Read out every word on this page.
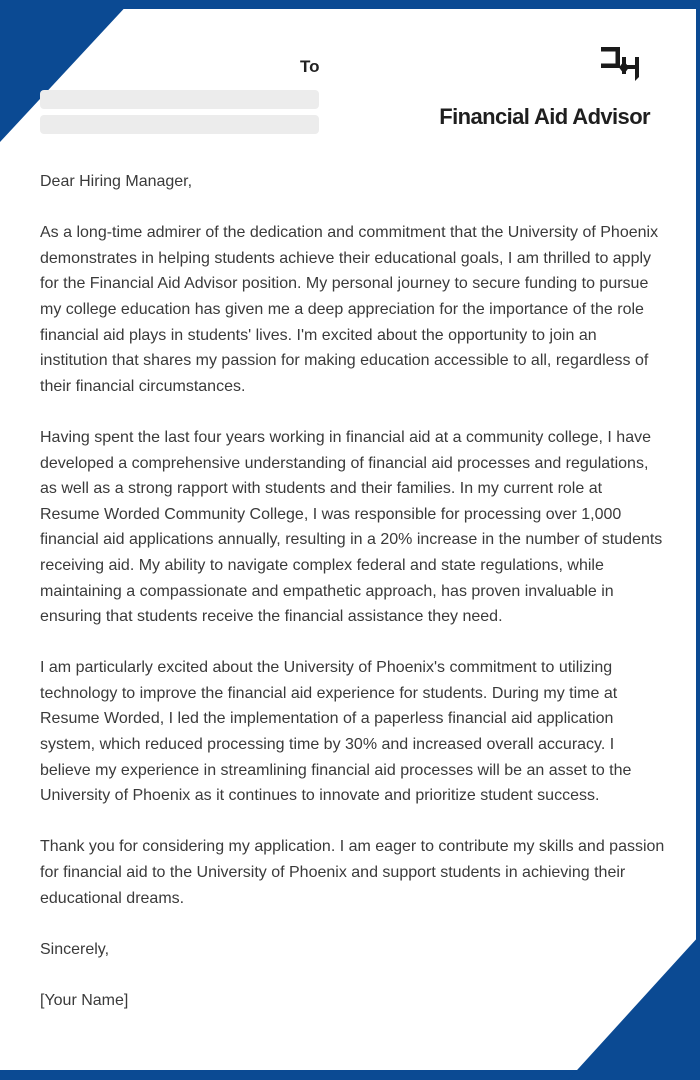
To
Financial Aid Advisor

Dear Hiring Manager,

As a long-time admirer of the dedication and commitment that the University of Phoenix demonstrates in helping students achieve their educational goals, I am thrilled to apply for the Financial Aid Advisor position. My personal journey to secure funding to pursue my college education has given me a deep appreciation for the importance of the role financial aid plays in students' lives. I'm excited about the opportunity to join an institution that shares my passion for making education accessible to all, regardless of their financial circumstances.

Having spent the last four years working in financial aid at a community college, I have developed a comprehensive understanding of financial aid processes and regulations, as well as a strong rapport with students and their families. In my current role at Resume Worded Community College, I was responsible for processing over 1,000 financial aid applications annually, resulting in a 20% increase in the number of students receiving aid. My ability to navigate complex federal and state regulations, while maintaining a compassionate and empathetic approach, has proven invaluable in ensuring that students receive the financial assistance they need.

I am particularly excited about the University of Phoenix's commitment to utilizing technology to improve the financial aid experience for students. During my time at Resume Worded, I led the implementation of a paperless financial aid application system, which reduced processing time by 30% and increased overall accuracy. I believe my experience in streamlining financial aid processes will be an asset to the University of Phoenix as it continues to innovate and prioritize student success.

Thank you for considering my application. I am eager to contribute my skills and passion for financial aid to the University of Phoenix and support students in achieving their educational dreams.

Sincerely,

[Your Name]
